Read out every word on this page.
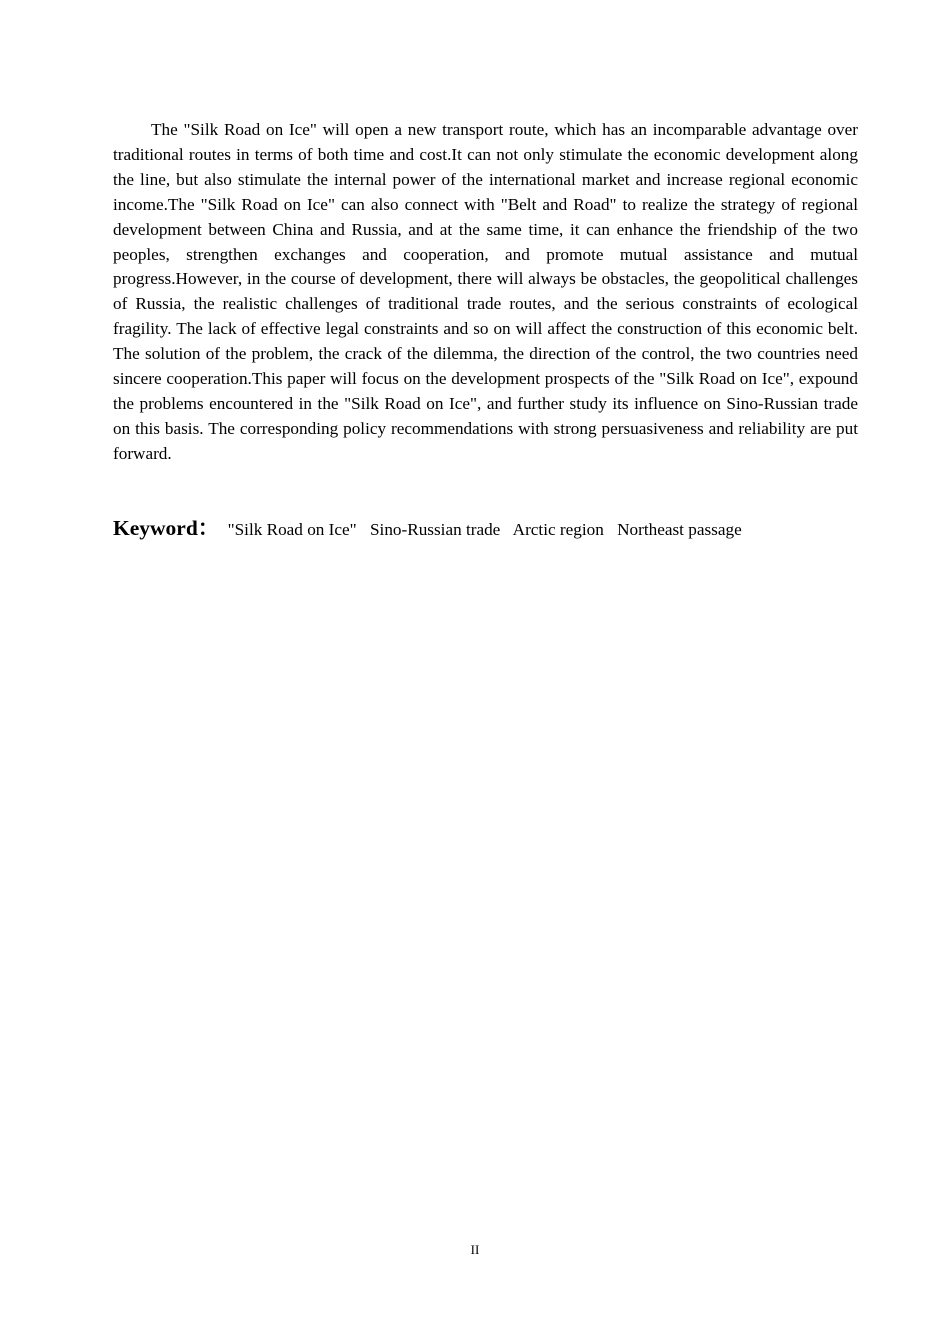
The "Silk Road on Ice" will open a new transport route, which has an incomparable advantage over traditional routes in terms of both time and cost.It can not only stimulate the economic development along the line, but also stimulate the internal power of the international market and increase regional economic income.The "Silk Road on Ice" can also connect with "Belt and Road" to realize the strategy of regional development between China and Russia, and at the same time, it can enhance the friendship of the two peoples, strengthen exchanges and cooperation, and promote mutual assistance and mutual progress.However, in the course of development, there will always be obstacles, the geopolitical challenges of Russia, the realistic challenges of traditional trade routes, and the serious constraints of ecological fragility. The lack of effective legal constraints and so on will affect the construction of this economic belt. The solution of the problem, the crack of the dilemma, the direction of the control, the two countries need sincere cooperation.This paper will focus on the development prospects of the "Silk Road on Ice", expound the problems encountered in the "Silk Road on Ice", and further study its influence on Sino-Russian trade on this basis. The corresponding policy recommendations with strong persuasiveness and reliability are put forward.

Keyword： "Silk Road on Ice" Sino-Russian trade Arctic region Northeast passage

II
